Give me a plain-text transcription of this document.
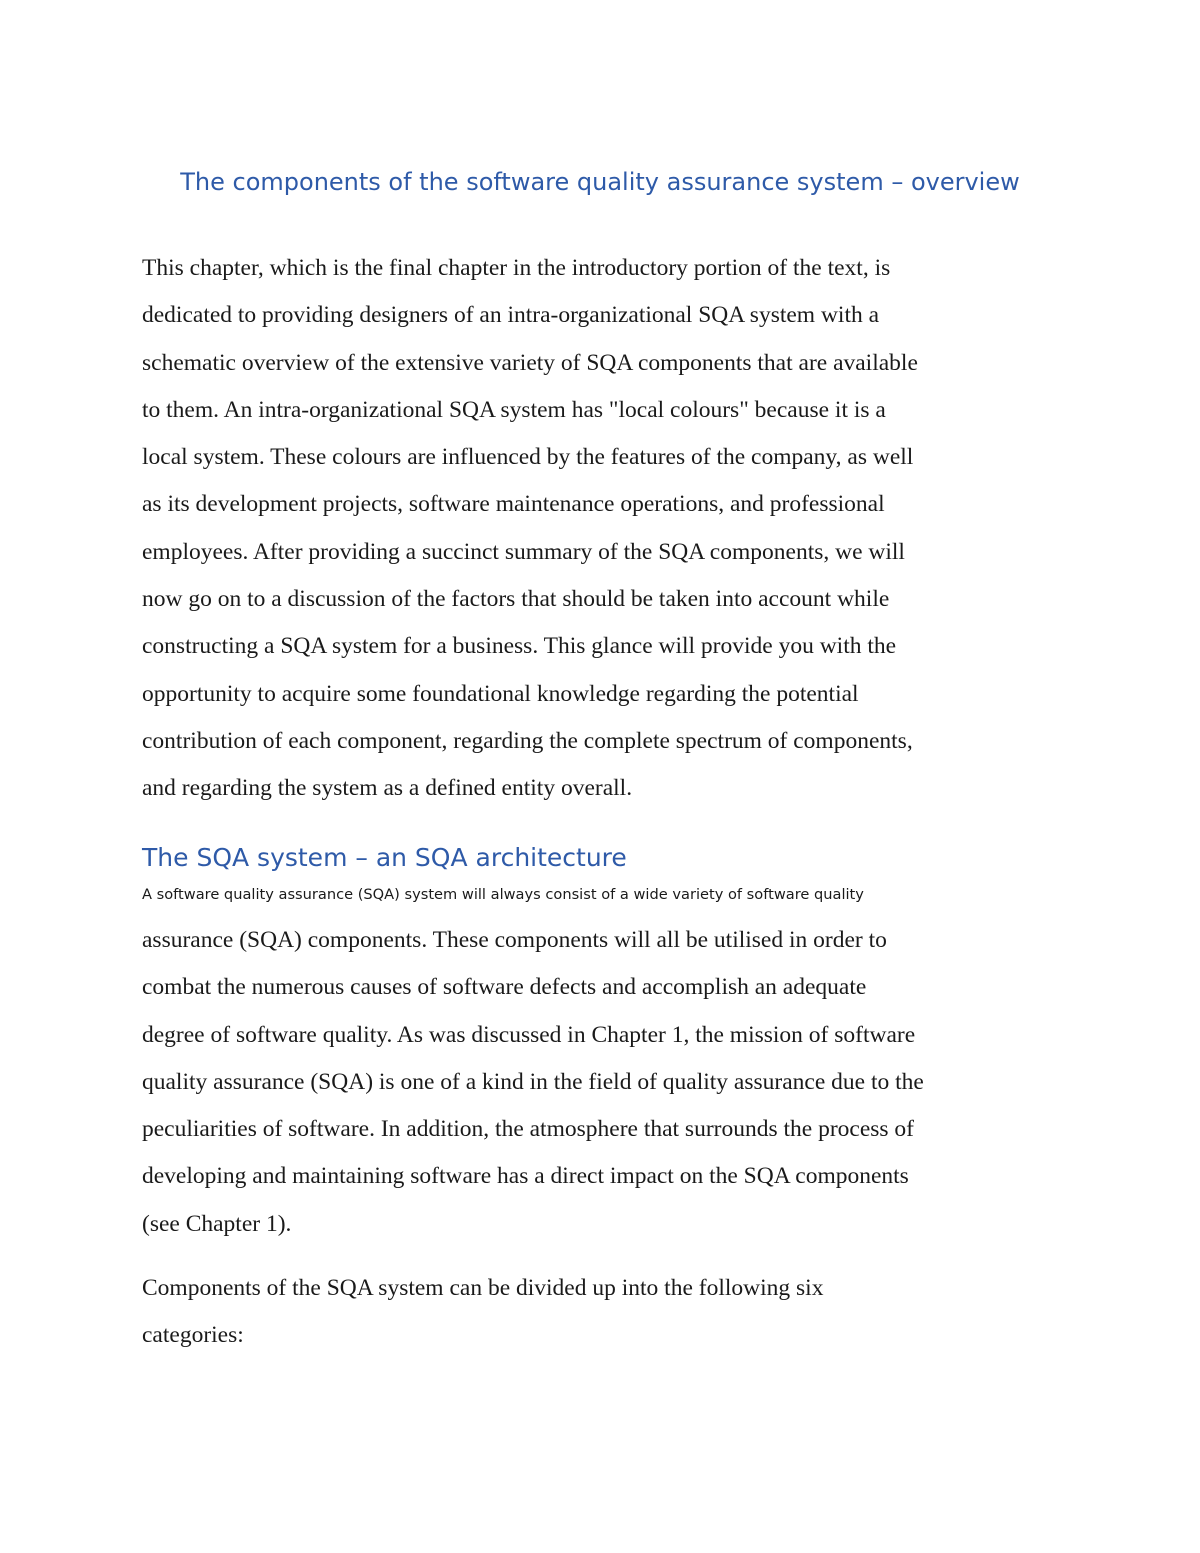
The components of the software quality assurance system – overview

This chapter, which is the final chapter in the introductory portion of the text, is
dedicated to providing designers of an intra-organizational SQA system with a
schematic overview of the extensive variety of SQA components that are available
to them. An intra-organizational SQA system has "local colours" because it is a
local system. These colours are influenced by the features of the company, as well
as its development projects, software maintenance operations, and professional
employees. After providing a succinct summary of the SQA components, we will
now go on to a discussion of the factors that should be taken into account while
constructing a SQA system for a business. This glance will provide you with the
opportunity to acquire some foundational knowledge regarding the potential
contribution of each component, regarding the complete spectrum of components,
and regarding the system as a defined entity overall.

The SQA system – an SQA architecture

A software quality assurance (SQA) system will always consist of a wide variety of software quality

assurance (SQA) components. These components will all be utilised in order to
combat the numerous causes of software defects and accomplish an adequate
degree of software quality. As was discussed in Chapter 1, the mission of software
quality assurance (SQA) is one of a kind in the field of quality assurance due to the
peculiarities of software. In addition, the atmosphere that surrounds the process of
developing and maintaining software has a direct impact on the SQA components
(see Chapter 1).

Components of the SQA system can be divided up into the following six
categories:
